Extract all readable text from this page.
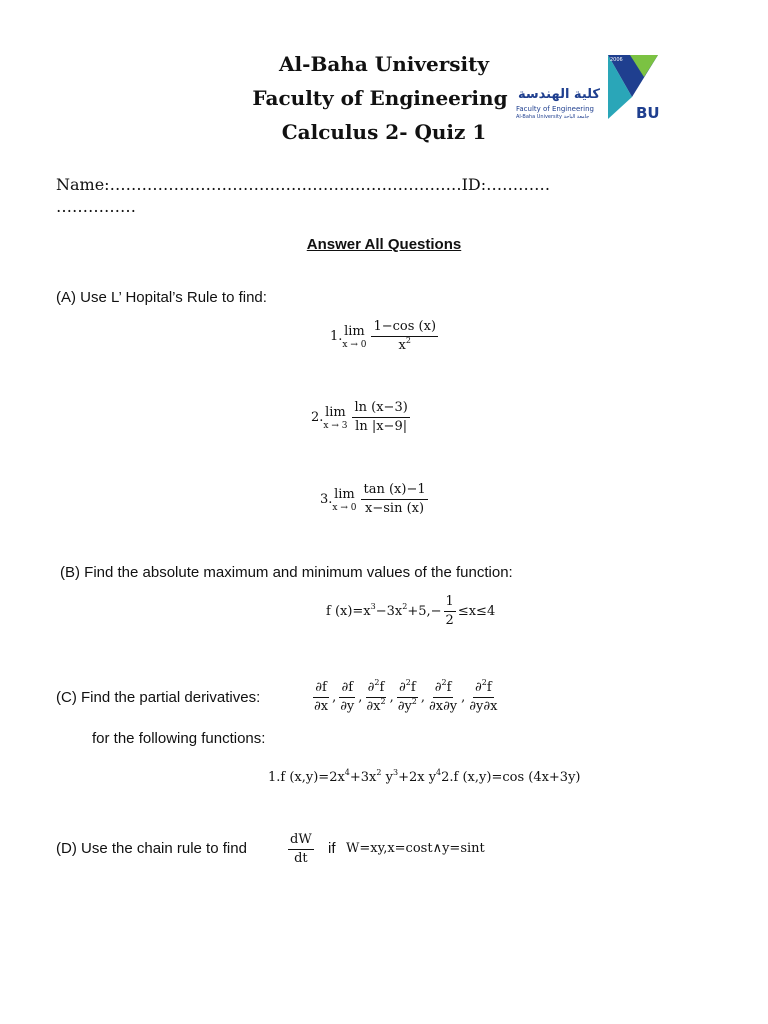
Al-Baha University
Faculty of Engineering
Calculus 2- Quiz 1
2006
BU
كلية الهندسة
Faculty of Engineering
Al-Baha University جامعة الباحة
Name:…………………………………………………………ID:…………
……………
Answer All Questions
(A) Use L’ Hopital’s Rule to find:
1. lim
$x \to 0 \frac{1-\cos (x)}{x^2}$
2. lim
$x \to 3 \frac{\ln (x-3)}{\ln |x-9|}$
3. lim
$x \to 0 \frac{\tan (x)-1}{x-\sin (x)}$
(B) Find the absolute maximum and minimum values of the function:
f $(x)=x^3-3x^2+5,- \frac{1}{2} \le x\le 4$
(C) Find the partial derivatives:	$\frac{\partial f}{\partial x}$ , $\frac{\partial f}{\partial y}$ , $\frac{\partial^2f}{\partial x^2}$ , $\frac{\partial^2f}{\partial y^2}$ , $\frac{\partial^2f}{\partial x\partial y}$ , $\frac{\partial^2f}{\partial y\partial x}$
for the following functions:
1.f $(x,y)=2x^4+3x^2$ $y^3+2x$ $y^42.f$ (x,y)=cos (4x+3y)
(D) Use the chain rule to find	$\frac{dW}{dt}$ if W=xy,x=cost∧y=sint
